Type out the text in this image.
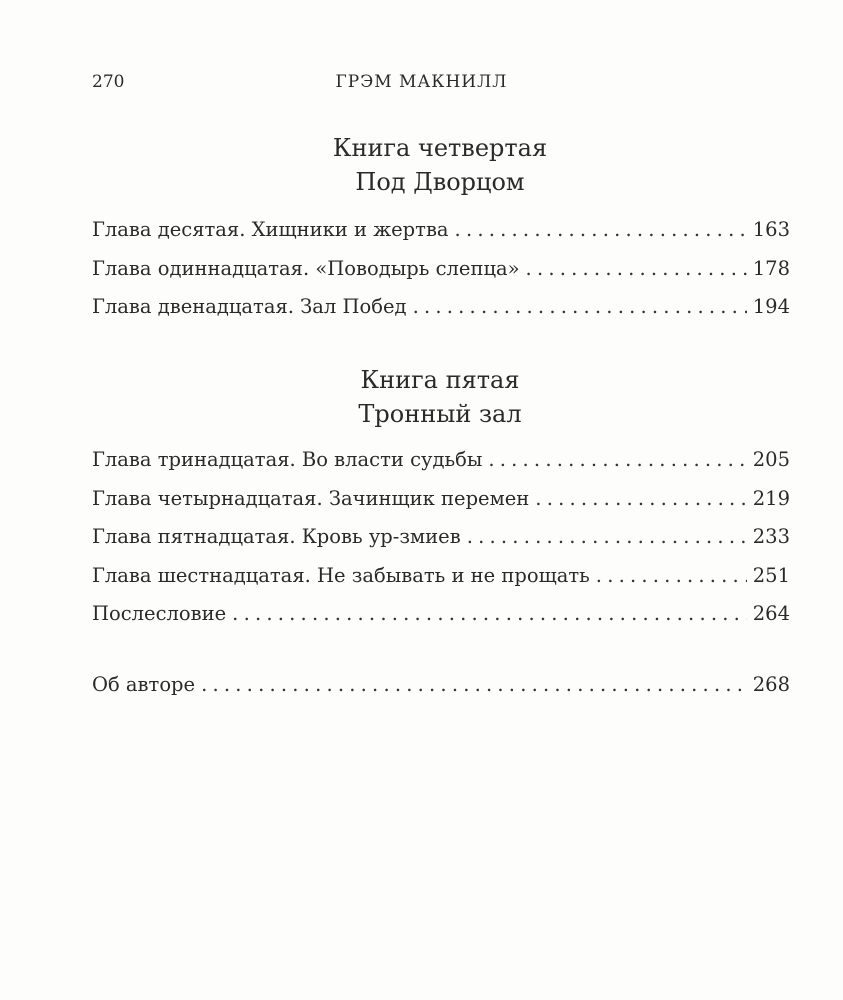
270	ГРЭМ МАКНИЛЛ
Книга четвертая
Под Дворцом
Глава десятая. Хищники и жертва . . .	163
Глава одиннадцатая. «Поводырь слепца» . . .	178
Глава двенадцатая. Зал Побед . . .	194
Книга пятая
Тронный зал
Глава тринадцатая. Во власти судьбы . . .	205
Глава четырнадцатая. Зачинщик перемен . . .	219
Глава пятнадцатая. Кровь ур-змиев . . .	233
Глава шестнадцатая. Не забывать и не прощать . . .	251
Послесловие . . .	264
Об авторе . . .	268
